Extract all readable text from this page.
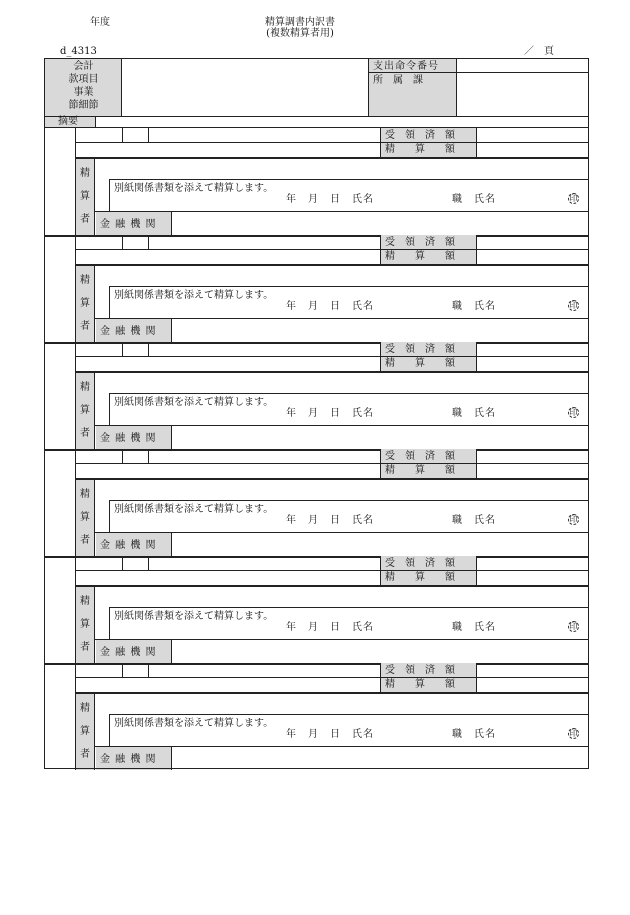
年度	精算調書内訳書
(複数精算者用)
d_4313	／　頁
会計
款項目
事業
節細節
支出命令番号
所　属　課
摘要
受　領　済　額
精　　算　　額
精
算
者
別紙関係書類を添えて精算します。
年　月　日　氏名	職　氏名	印
金 融 機 関
受　領　済　額
精　　算　　額
精
算
者
別紙関係書類を添えて精算します。
年　月　日　氏名	職　氏名	印
金 融 機 関
受　領　済　額
精　　算　　額
精
算
者
別紙関係書類を添えて精算します。
年　月　日　氏名	職　氏名	印
金 融 機 関
受　領　済　額
精　　算　　額
精
算
者
別紙関係書類を添えて精算します。
年　月　日　氏名	職　氏名	印
金 融 機 関
受　領　済　額
精　　算　　額
精
算
者
別紙関係書類を添えて精算します。
年　月　日　氏名	職　氏名	印
金 融 機 関
受　領　済　額
精　　算　　額
精
算
者
別紙関係書類を添えて精算します。
年　月　日　氏名	職　氏名	印
金 融 機 関
